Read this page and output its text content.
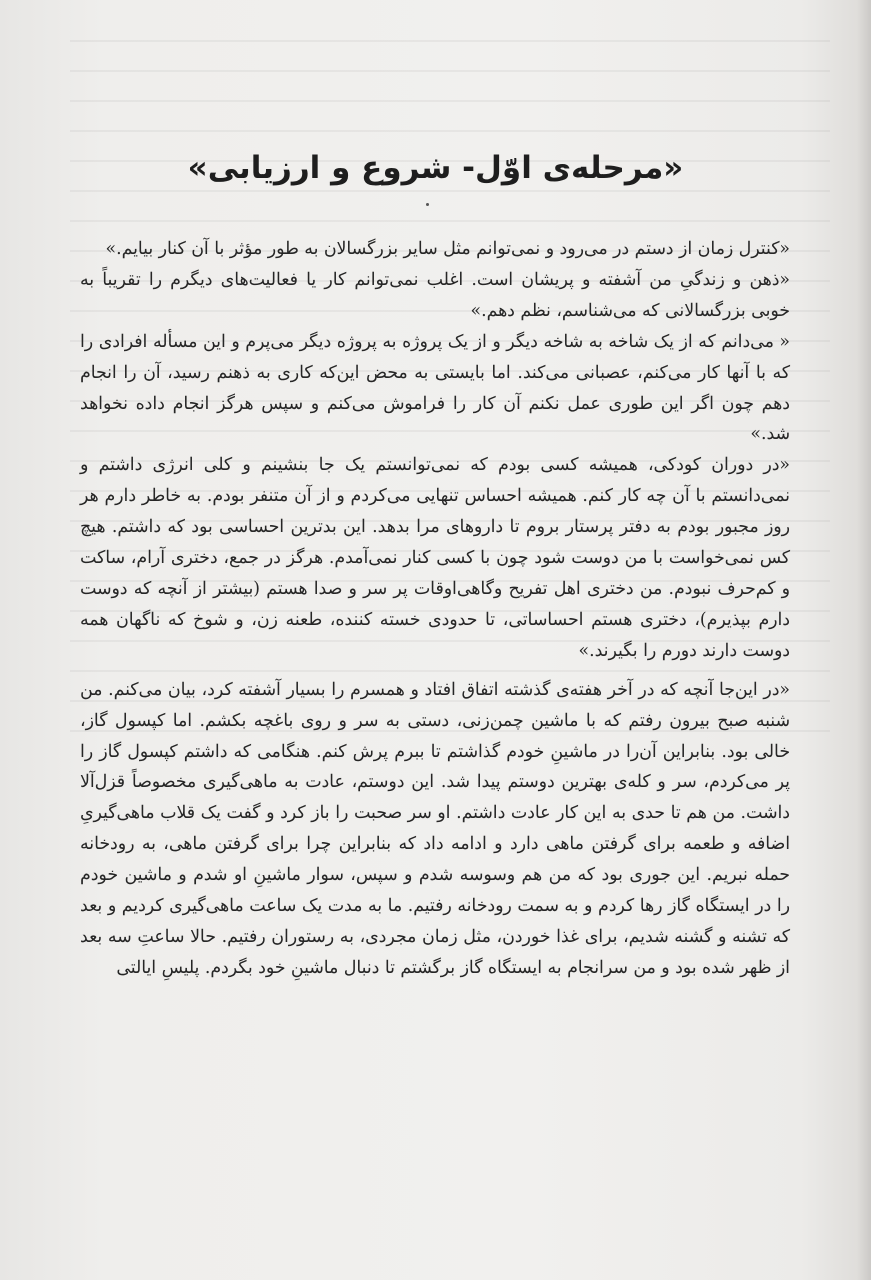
«مرحله‌ی اوّل- شروع و ارزیابی»

«کنترل زمان از دستم در می‌رود و نمی‌توانم مثل سایر بزرگسالان به طور مؤثر با آن کنار بیایم.»

«ذهن و زندگیِ من آشفته و پریشان است. اغلب نمی‌توانم کار یا فعالیت‌های دیگرم را تقریباً به خوبی بزرگسالانی که می‌شناسم، نظم دهم.»

« می‌دانم که از یک شاخه به شاخه دیگر و از یک پروژه به پروژه دیگر می‌پرم و این مسأله افرادی را که با آنها کار می‌کنم، عصبانی می‌کند. اما بایستی به محض این‌که کاری به ذهنم رسید، آن را انجام دهم چون اگر این طوری عمل نکنم آن کار را فراموش می‌کنم و سپس هرگز انجام داده نخواهد شد.»

«در دوران کودکی، همیشه کسی بودم که نمی‌توانستم یک جا بنشینم و کلی انرژی داشتم و نمی‌دانستم با آن چه کار کنم. همیشه احساس تنهایی می‌کردم و از آن متنفر بودم. به خاطر دارم هر روز مجبور بودم به دفتر پرستار بروم تا داروهای مرا بدهد. این بدترین احساسی بود که داشتم. هیچ کس نمی‌خواست با من دوست شود چون با کسی کنار نمی‌آمدم. هرگز در جمع، دختری آرام، ساکت و کم‌حرف نبودم. من دختری اهل تفریح وگاهی‌اوقات پر سر و صدا هستم (بیشتر از آنچه که دوست دارم بپذیرم)، دختری هستم احساساتی، تا حدودی خسته کننده، طعنه زن، و شوخ که ناگهان همه دوست دارند دورم را بگیرند.»

«در این‌جا آنچه که در آخر هفته‌ی گذشته اتفاق افتاد و همسرم را بسیار آشفته کرد، بیان می‌کنم. من شنبه صبح بیرون رفتم که با ماشین چمن‌زنی، دستی به سر و روی باغچه بکشم. اما کپسول گاز، خالی بود. بنابراین آن‌را در ماشینِ خودم گذاشتم تا ببرم پرش کنم. هنگامی که داشتم کپسول گاز را پر می‌کردم، سر و کله‌ی بهترین دوستم پیدا شد. این دوستم، عادت به ماهی‌گیری مخصوصاً قزل‌آلا داشت. من هم تا حدی به این کار عادت داشتم. او سر صحبت را باز کرد و گفت یک قلاب ماهی‌گیریِ اضافه و طعمه برای گرفتن ماهی دارد و ادامه داد که بنابراین چرا برای گرفتن ماهی، به رودخانه حمله نبریم. این جوری بود که من هم وسوسه شدم و سپس، سوار ماشینِ او شدم و ماشین خودم را در ایستگاه گاز رها کردم و به سمت رودخانه رفتیم. ما به مدت یک ساعت ماهی‌گیری کردیم و بعد که تشنه و گشنه شدیم، برای غذا خوردن، مثل زمان مجردی، به رستوران رفتیم. حالا ساعتِ سه بعد از ظهر شده بود و من سرانجام به ایستگاه گاز برگشتم تا دنبال ماشینِ خود بگردم. پلیسِ ایالتی
